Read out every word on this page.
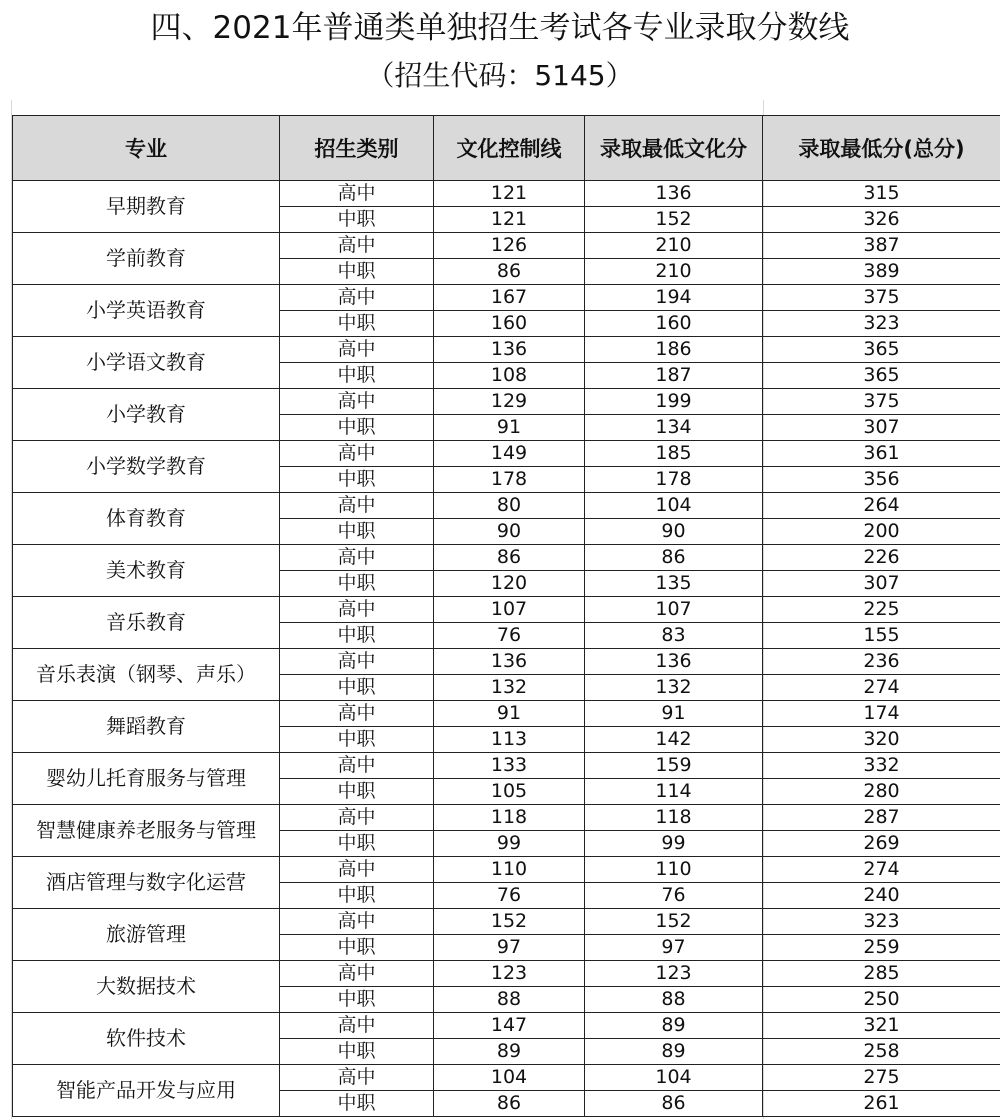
四、2021年普通类单独招生考试各专业录取分数线
（招生代码：5145）
专业	招生类别	文化控制线	录取最低文化分	录取最低分(总分)
早期教育	高中	121	136	315
	中职	121	152	326
学前教育	高中	126	210	387
	中职	86	210	389
小学英语教育	高中	167	194	375
	中职	160	160	323
小学语文教育	高中	136	186	365
	中职	108	187	365
小学教育	高中	129	199	375
	中职	91	134	307
小学数学教育	高中	149	185	361
	中职	178	178	356
体育教育	高中	80	104	264
	中职	90	90	200
美术教育	高中	86	86	226
	中职	120	135	307
音乐教育	高中	107	107	225
	中职	76	83	155
音乐表演（钢琴、声乐）	高中	136	136	236
	中职	132	132	274
舞蹈教育	高中	91	91	174
	中职	113	142	320
婴幼儿托育服务与管理	高中	133	159	332
	中职	105	114	280
智慧健康养老服务与管理	高中	118	118	287
	中职	99	99	269
酒店管理与数字化运营	高中	110	110	274
	中职	76	76	240
旅游管理	高中	152	152	323
	中职	97	97	259
大数据技术	高中	123	123	285
	中职	88	88	250
软件技术	高中	147	89	321
	中职	89	89	258
智能产品开发与应用	高中	104	104	275
	中职	86	86	261
